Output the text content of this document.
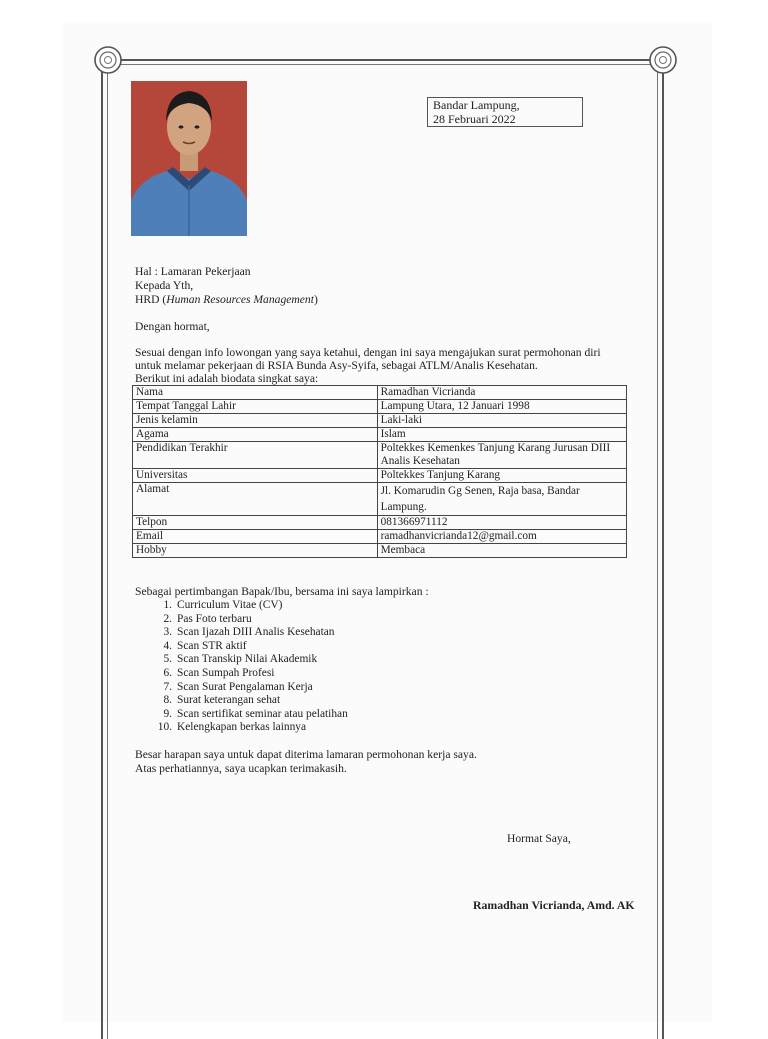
Bandar Lampung,
28 Februari 2022
Hal : Lamaran Pekerjaan
Kepada Yth,
HRD (Human Resources Management)
Dengan hormat,
Sesuai dengan info lowongan yang saya ketahui, dengan ini saya mengajukan surat permohonan diri
untuk melamar pekerjaan di RSIA Bunda Asy-Syifa, sebagai ATLM/Analis Kesehatan.
Berikut ini adalah biodata singkat saya:
Nama	Ramadhan Vicrianda
Tempat Tanggal Lahir	Lampung Utara, 12 Januari 1998
Jenis kelamin	Laki-laki
Agama	Islam
Pendidikan Terakhir	Poltekkes Kemenkes Tanjung Karang Jurusan DIII Analis Kesehatan
Universitas	Poltekkes Tanjung Karang
Alamat	Jl. Komarudin Gg Senen, Raja basa, Bandar Lampung.
Telpon	081366971112
Email	ramadhanvicrianda12@gmail.com
Hobby	Membaca
Sebagai pertimbangan Bapak/Ibu, bersama ini saya lampirkan :
1. Curriculum Vitae (CV)
2. Pas Foto terbaru
3. Scan Ijazah DIII Analis Kesehatan
4. Scan STR aktif
5. Scan Transkip Nilai Akademik
6. Scan Sumpah Profesi
7. Scan Surat Pengalaman Kerja
8. Surat keterangan sehat
9. Scan sertifikat seminar atau pelatihan
10. Kelengkapan berkas lainnya
Besar harapan saya untuk dapat diterima lamaran permohonan kerja saya.
Atas perhatiannya, saya ucapkan terimakasih.
Hormat Saya,
Ramadhan Vicrianda, Amd. AK
